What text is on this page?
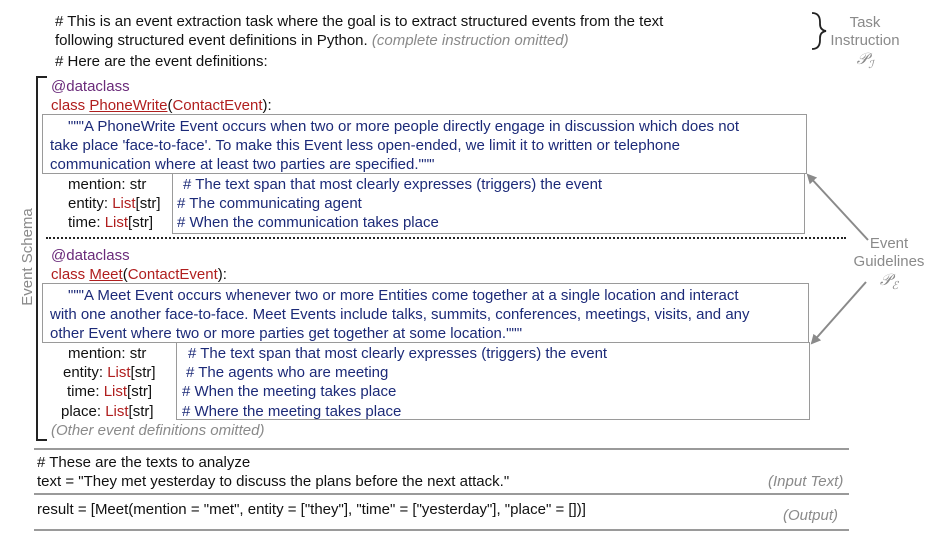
# This is an event extraction task where the goal is to extract structured events from the text
following structured event definitions in Python. (complete instruction omitted)
# Here are the event definitions:
Task
Instruction
𝒫$_ℐ$
Event
Guidelines
𝒫$_ℰ$
Event Schema
@dataclass
class PhoneWrite(ContactEvent):
"""A PhoneWrite Event occurs when two or more people directly engage in discussion which does not
take place 'face-to-face'. To make this Event less open-ended, we limit it to written or telephone
communication where at least two parties are specified."""
mention: str # The text span that most clearly expresses (triggers) the event
entity: List[str] # The communicating agent
time: List[str] # When the communication takes place
@dataclass
class Meet(ContactEvent):
"""A Meet Event occurs whenever two or more Entities come together at a single location and interact
with one another face-to-face. Meet Events include talks, summits, conferences, meetings, visits, and any
other Event where two or more parties get together at some location."""
mention: str	# The text span that most clearly expresses (triggers) the event
entity: List[str] # The agents who are meeting
time: List[str] # When the meeting takes place
place: List[str] # Where the meeting takes place
(Other event definitions omitted)
# These are the texts to analyze
text = "They met yesterday to discuss the plans before the next attack."	(Input Text)
result = [Meet(mention = "met", entity = ["they"], "time" = ["yesterday"], "place" = [])]	(Output)
